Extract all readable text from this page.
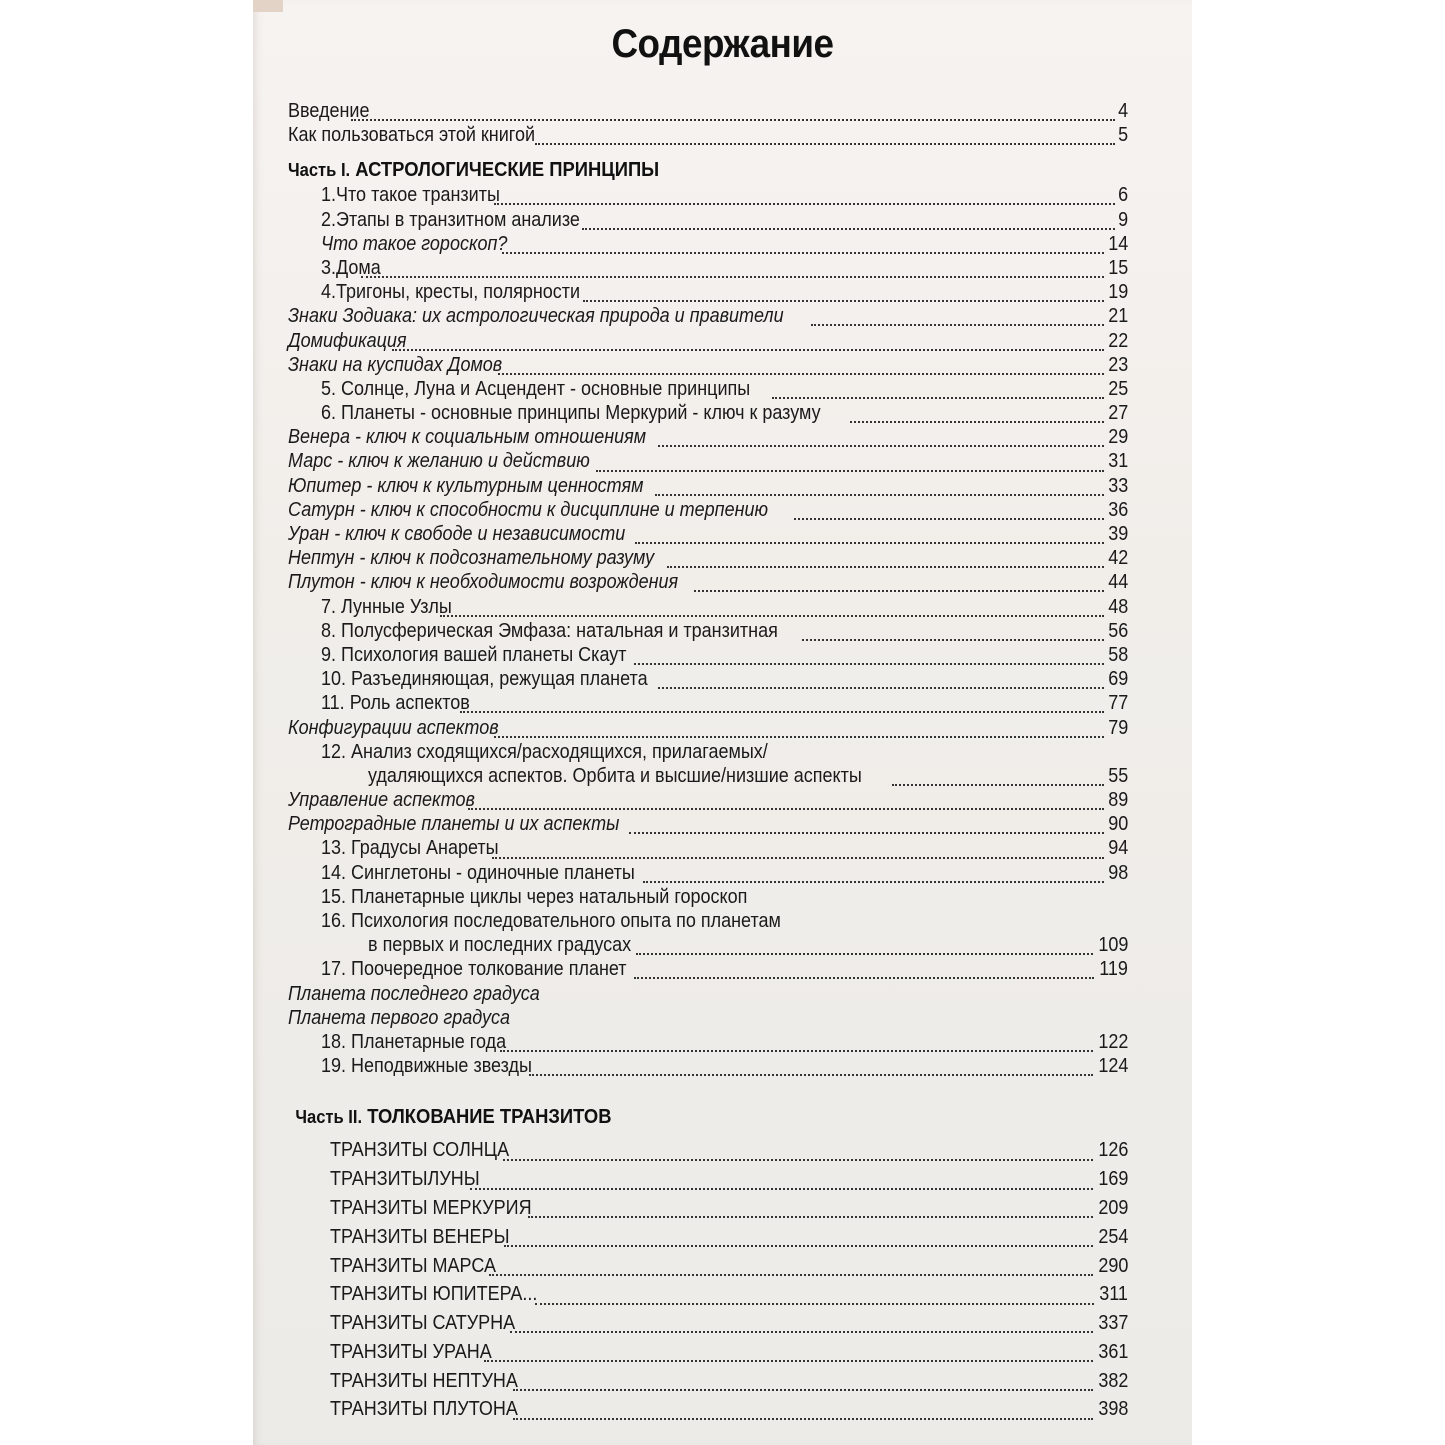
Содержание
Введение	4
Как пользоваться этой книгой	5
Часть I. АСТРОЛОГИЧЕСКИЕ ПРИНЦИПЫ
1.Что такое транзиты	6
2.Этапы в транзитном анализе	9
Что такое гороскоп?	14
3.Дома	15
4.Тригоны, кресты, полярности	19
Знаки Зодиака: их астрологическая природа и правители	21
Домификация	22
Знаки на куспидах Домов	23
5. Солнце, Луна и Асцендент - основные принципы	25
6. Планеты - основные принципы Меркурий - ключ к разуму	27
Венера - ключ к социальным отношениям	29
Марс - ключ к желанию и действию	31
Юпитер - ключ к культурным ценностям	33
Сатурн - ключ к способности к дисциплине и терпению	36
Уран - ключ к свободе и независимости	39
Нептун - ключ к подсознательному разуму	42
Плутон - ключ к необходимости возрождения	44
7. Лунные Узлы	48
8. Полусферическая Эмфаза: натальная и транзитная	56
9. Психология вашей планеты Скаут	58
10. Разъединяющая, режущая планета	69
11. Роль аспектов	77
Конфигурации аспектов	79
12. Анализ сходящихся/расходящихся, прилагаемых/
удаляющихся аспектов. Орбита и высшие/низшие аспекты	55
Управление аспектов	89
Ретроградные планеты и их аспекты	90
13. Градусы Анареты	94
14. Синглетоны - одиночные планеты	98
15. Планетарные циклы через натальный гороскоп
16. Психология последовательного опыта по планетам
в первых и последних градусах	109
17. Поочередное толкование планет	119
Планета последнего градуса
Планета первого градуса
18. Планетарные года	122
19. Неподвижные звезды	124
Часть II. ТОЛКОВАНИЕ ТРАНЗИТОВ
ТРАНЗИТЫ СОЛНЦА	126
ТРАНЗИТЫЛУНЫ	169
ТРАНЗИТЫ МЕРКУРИЯ	209
ТРАНЗИТЫ ВЕНЕРЫ	254
ТРАНЗИТЫ МАРСА	290
ТРАНЗИТЫ ЮПИТЕРА...	311
ТРАНЗИТЫ САТУРНА	337
ТРАНЗИТЫ УРАНА	361
ТРАНЗИТЫ НЕПТУНА	382
ТРАНЗИТЫ ПЛУТОНА	398
